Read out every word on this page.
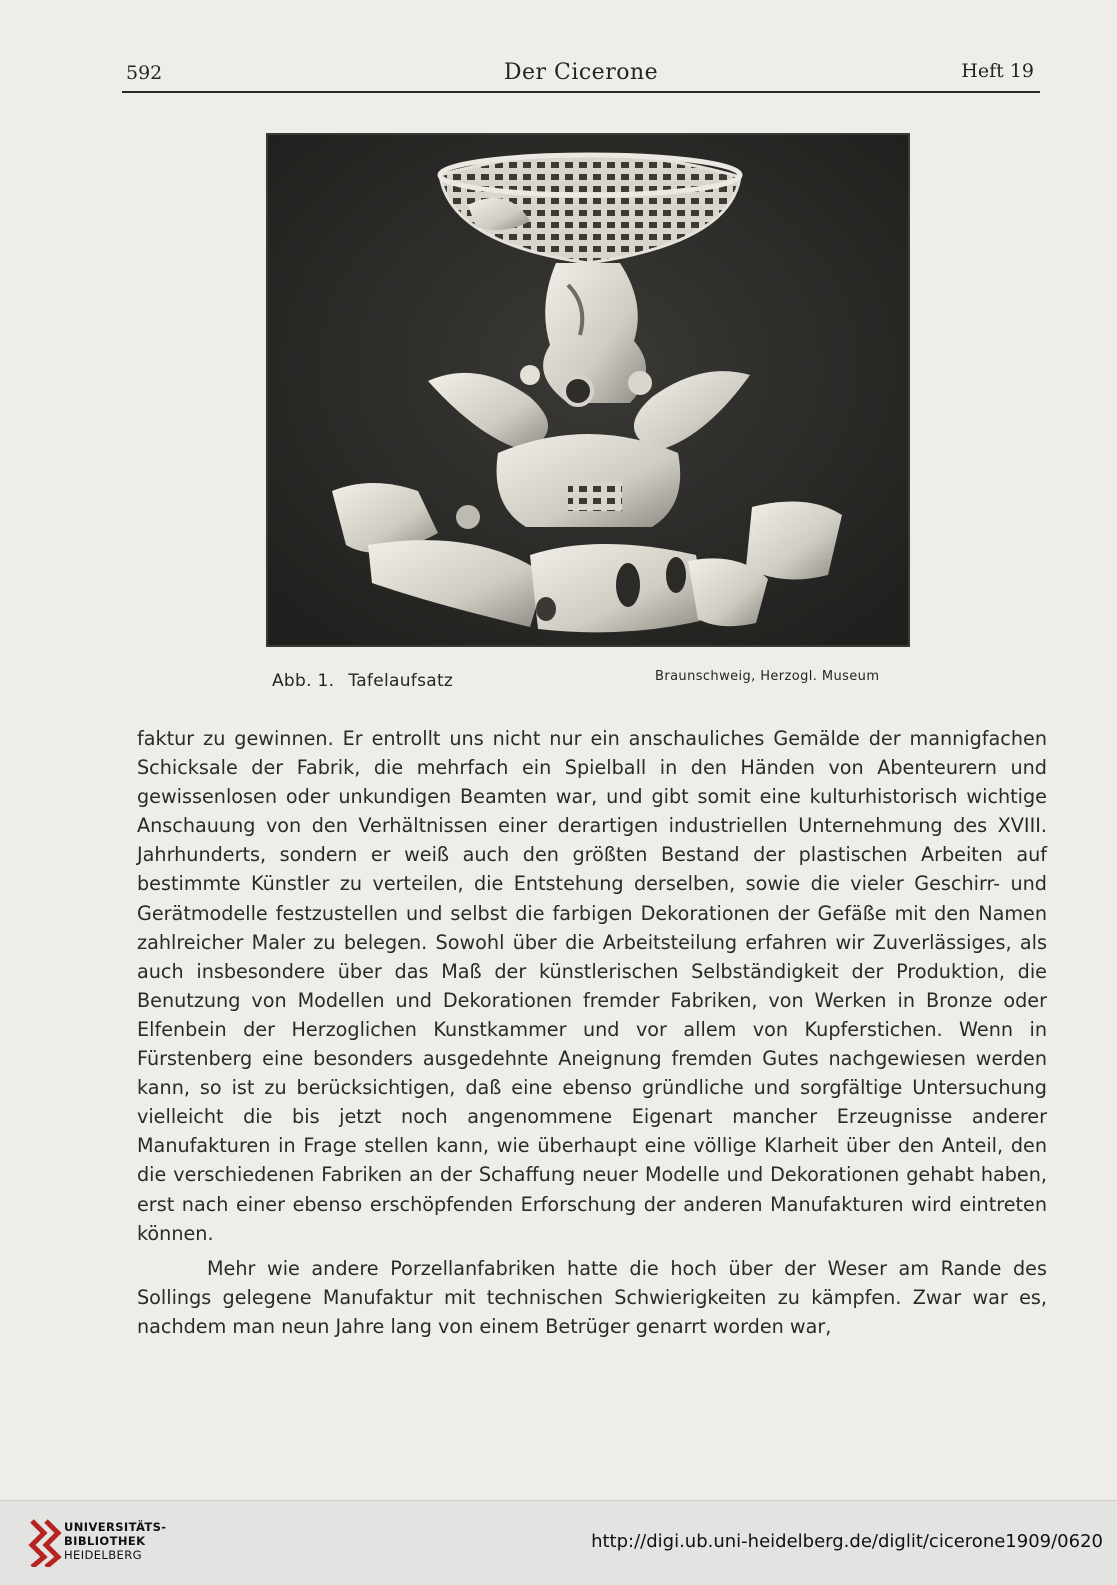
592	Der Cicerone	Heft 19
Abb. 1. Tafelaufsatz	Braunschweig, Herzogl. Museum

faktur zu gewinnen. Er entrollt uns nicht nur ein anschauliches Gemälde der mannigfachen Schicksale der Fabrik, die mehrfach ein Spielball in den Händen von Abenteurern und gewissenlosen oder unkundigen Beamten war, und gibt somit eine kulturhistorisch wichtige Anschauung von den Verhältnissen einer derartigen industriellen Unternehmung des XVIII. Jahrhunderts, sondern er weiß auch den größten Bestand der plastischen Arbeiten auf bestimmte Künstler zu verteilen, die Entstehung derselben, sowie die vieler Geschirr- und Gerätmodelle festzustellen und selbst die farbigen Dekorationen der Gefäße mit den Namen zahlreicher Maler zu belegen. Sowohl über die Arbeitsteilung erfahren wir Zuverlässiges, als auch insbesondere über das Maß der künstlerischen Selbständigkeit der Produktion, die Benutzung von Modellen und Dekorationen fremder Fabriken, von Werken in Bronze oder Elfenbein der Herzoglichen Kunstkammer und vor allem von Kupferstichen. Wenn in Fürstenberg eine besonders ausgedehnte Aneignung fremden Gutes nachgewiesen werden kann, so ist zu berücksichtigen, daß eine ebenso gründliche und sorgfältige Untersuchung vielleicht die bis jetzt noch angenommene Eigenart mancher Erzeugnisse anderer Manufakturen in Frage stellen kann, wie überhaupt eine völlige Klarheit über den Anteil, den die verschiedenen Fabriken an der Schaffung neuer Modelle und Dekorationen gehabt haben, erst nach einer ebenso erschöpfenden Erforschung der anderen Manufakturen wird eintreten können.

Mehr wie andere Porzellanfabriken hatte die hoch über der Weser am Rande des Sollings gelegene Manufaktur mit technischen Schwierigkeiten zu kämpfen. Zwar war es, nachdem man neun Jahre lang von einem Betrüger genarrt worden war,

UNIVERSITÄTS-
BIBLIOTHEK
HEIDELBERG
http://digi.ub.uni-heidelberg.de/diglit/cicerone1909/0620
